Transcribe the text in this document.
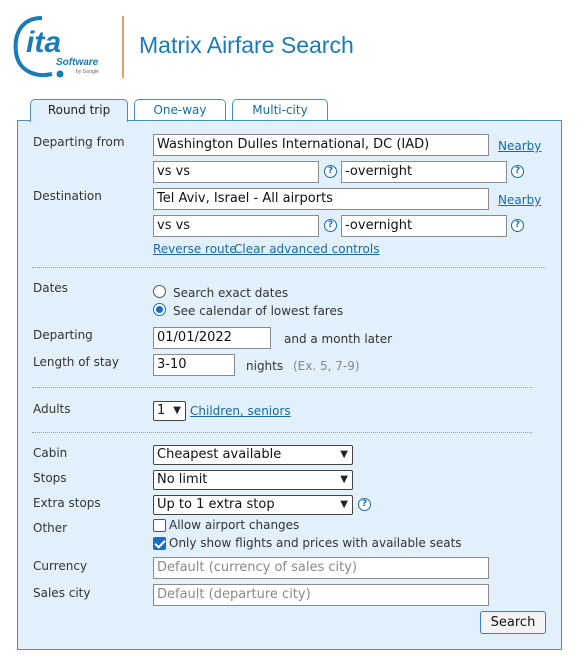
ita
Software
by Google
Matrix Airfare Search
Round trip	One-way	Multi-city
Departing from	Washington Dulles International, DC (IAD)	Nearby
vs vs	? -overnight	?
Destination	Tel Aviv, Israel - All airports	Nearby
vs vs	? -overnight	?
Reverse route
Clear advanced controls
Dates	Search exact dates
See calendar of lowest fares
Departing	01/01/2022	and a month later
Length of stay	3-10	nights (Ex. 5, 7-9)
Adults	1 ▼ Children, seniors
Cabin	Cheapest available	▼
Stops	No limit	▼
Extra stops	Up to 1 extra stop	▼	?
Other	Allow airport changes
Only show flights and prices with available seats
Currency	Default (currency of sales city)
Sales city	Default (departure city)
Search
